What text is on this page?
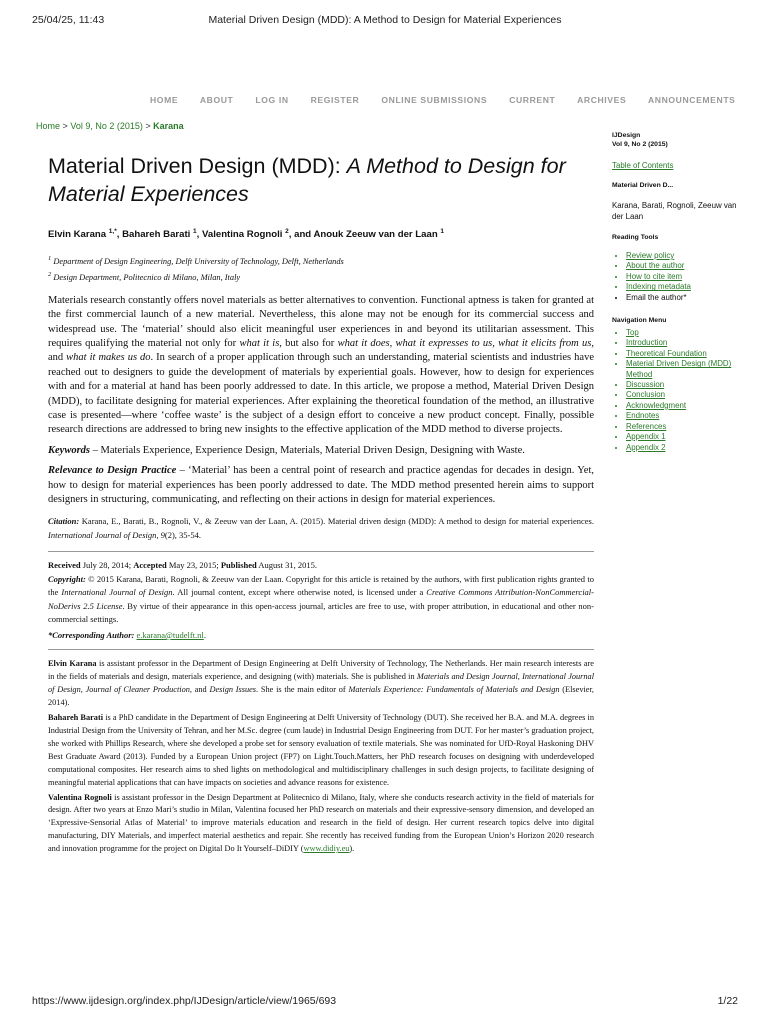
25/04/25, 11:43	Material Driven Design (MDD): A Method to Design for Material Experiences
HOME	ABOUT	LOG IN	REGISTER	ONLINE SUBMISSIONS	CURRENT	ARCHIVES	ANNOUNCEMENTS
Home > Vol 9, No 2 (2015) > Karana
Material Driven Design (MDD): A Method to Design for Material Experiences
Elvin Karana $^{1,*}$, Bahareh Barati $^1$, Valentina Rognoli $^2$, and Anouk Zeeuw van der Laan $^1$
$^1$ Department of Design Engineering, Delft University of Technology, Delft, Netherlands
$^2$ Design Department, Politecnico di Milano, Milan, Italy

Materials research constantly offers novel materials as better alternatives to convention. Functional aptness is taken for granted at the first commercial launch of a new material. Nevertheless, this alone may not be enough for its commercial success and widespread use. The ‘material’ should also elicit meaningful user experiences in and beyond its utilitarian assessment. This requires qualifying the material not only for what it is, but also for what it does, what it expresses to us, what it elicits from us, and what it makes us do. In search of a proper application through such an understanding, material scientists and industries have reached out to designers to guide the development of materials by experiential goals. However, how to design for experiences with and for a material at hand has been poorly addressed to date. In this article, we propose a method, Material Driven Design (MDD), to facilitate designing for material experiences. After explaining the theoretical foundation of the method, an illustrative case is presented—where ‘coffee waste’ is the subject of a design effort to conceive a new product concept. Finally, possible research directions are addressed to bring new insights to the effective application of the MDD method to diverse projects.

Keywords – Materials Experience, Experience Design, Materials, Material Driven Design, Designing with Waste.

Relevance to Design Practice – ‘Material’ has been a central point of research and practice agendas for decades in design. Yet, how to design for material experiences has been poorly addressed to date. The MDD method presented herein aims to support designers in structuring, communicating, and reflecting on their actions in design for material experiences.

Citation: Karana, E., Barati, B., Rognoli, V., & Zeeuw van der Laan, A. (2015). Material driven design (MDD): A method to design for material experiences. International Journal of Design, 9(2), 35-54.

Received July 28, 2014; Accepted May 23, 2015; Published August 31, 2015.

Copyright: © 2015 Karana, Barati, Rognoli, & Zeeuw van der Laan. Copyright for this article is retained by the authors, with first publication rights granted to the International Journal of Design. All journal content, except where otherwise noted, is licensed under a Creative Commons Attribution-NonCommercial-NoDerivs 2.5 License. By virtue of their appearance in this open-access journal, articles are free to use, with proper attribution, in educational and other non-commercial settings.

*Corresponding Author: e.karana@tudelft.nl.

Elvin Karana is assistant professor in the Department of Design Engineering at Delft University of Technology, The Netherlands. Her main research interests are in the fields of materials and design, materials experience, and designing (with) materials. She is published in Materials and Design Journal, International Journal of Design, Journal of Cleaner Production, and Design Issues. She is the main editor of Materials Experience: Fundamentals of Materials and Design (Elsevier, 2014).

Bahareh Barati is a PhD candidate in the Department of Design Engineering at Delft University of Technology (DUT). She received her B.A. and M.A. degrees in Industrial Design from the University of Tehran, and her M.Sc. degree (cum laude) in Industrial Design Engineering from DUT. For her master’s graduation project, she worked with Phillips Research, where she developed a probe set for sensory evaluation of textile materials. She was nominated for UfD-Royal Haskoning DHV Best Graduate Award (2013). Funded by a European Union project (FP7) on Light.Touch.Matters, her PhD research focuses on designing with underdeveloped computational composites. Her research aims to shed lights on methodological and multidisciplinary challenges in such design projects, to facilitate designing of meaningful material applications that can have impacts on societies and advance reasons for existence.

Valentina Rognoli is assistant professor in the Design Department at Politecnico di Milano, Italy, where she conducts research activity in the field of materials for design. After two years at Enzo Mari’s studio in Milan, Valentina focused her PhD research on materials and their expressive-sensory dimension, and developed an ‘Expressive-Sensorial Atlas of Material’ to improve materials education and research in the field of design. Her current research topics delve into digital manufacturing, DIY Materials, and imperfect material aesthetics and repair. She recently has received funding from the European Union’s Horizon 2020 research and innovation programme for the project on Digital Do It Yourself–DiDIY (www.didiy.eu).

IJDesign
Vol 9, No 2 (2015)
Table of Contents
Material Driven D...
Karana, Barati, Rognoli, Zeeuw van der Laan
Reading Tools
• Review policy
• About the author
• How to cite item
• Indexing metadata
• Email the author*
Navigation Menu
• Top
• Introduction
• Theoretical Foundation
• Material Driven Design (MDD) Method
• Discussion
• Conclusion
• Acknowledgment
• Endnotes
• References
• Appendix 1
• Appendix 2
https://www.ijdesign.org/index.php/IJDesign/article/view/1965/693	1/22
